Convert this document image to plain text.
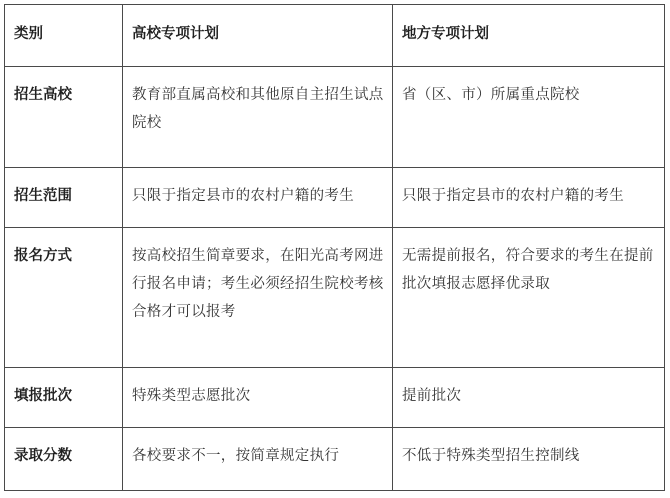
类别	高校专项计划	地方专项计划
招生高校	教育部直属高校和其他原自主招生试点院校	省（区、市）所属重点院校
招生范围	只限于指定县市的农村户籍的考生	只限于指定县市的农村户籍的考生
报名方式	按高校招生简章要求，在阳光高考网进行报名申请；考生必须经招生院校考核合格才可以报考	无需提前报名，符合要求的考生在提前批次填报志愿择优录取
填报批次	特殊类型志愿批次	提前批次
录取分数	各校要求不一，按简章规定执行	不低于特殊类型招生控制线
